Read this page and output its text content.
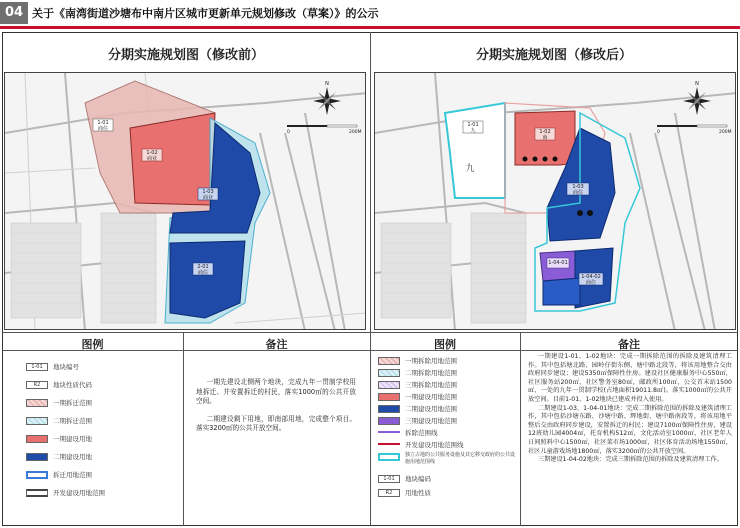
04 关于《南湾街道沙塘布中南片区城市更新单元规划修改（草案）》的公示
分期实施规划图（修改前）	分期实施规划图（修改后）
1-01
商住
1-02
商业
1-03
商业
2-01
商住
N
0	200M
1-01
九
九
1-02
商
1-03
商住
1-04-02
商住
1-04-01
N
0	200M
图例	备注
1-01	地块编号
R2	地块性质代码
一期拆迁范围
二期拆迁范围
一期建设用地
二期建设用地
拆迁用地范围
开发建设用地范围

一期先建设北侧两个地块，完成九年一贯制学校用地拆迁、并安置拆迁的村民，落实1000㎡的公共开放空间。

二期建设剩下用地，即南部用地，完成整个项目。落实3200㎡的公共开放空间。

图例	备注
一期拆除用地范围
二期拆除用地范围
三期拆除用地范围
一期建设用地范围
二期建设用地范围
三期建设用地范围
拆除范围线
开发建设用地范围线
独立占地的公共服务设施及其它移交政府的公共设施用地范围线
1-01	地块编码
R2	用地性质

一期建设1-01、1-02地块：完成一期拆除范围的拆除及建筑清理工作。其中包括塘北路、园岭仔街东侧、塘中路北段等，将该用地整合交由政府同步建设；建设5350㎡保障性住房。建设社区健康服务中心550㎡，社区服务站200㎡，社区警务室80㎡，邮政所100㎡，公交首末站1500㎡，一处的九年一贯制学校(占地面积19011.8㎡)。落实1000㎡的公共开放空间。目前1-01、1-02地块已建成并投入使用。

二期建设1-03、1-04-01地块：完成二期拆除范围的拆除及建筑清理工作，其中包括沙塘东路、沙塘中路、辉地街、塘中路南段等，将该用地平整后交由政府同步建设，安置拆迁的村民；建设7100㎡保障性住房，建设12班幼儿园4004㎡，托育机构512㎡，文化活动室1000㎡，社区老年人日间照料中心1500㎡，社区菜市场1000㎡，社区体育活动场地1550㎡，社区儿童游戏场地1800㎡，落实3200㎡的公共开放空间。

三期建设1-04-02地块：完成三期拆除范围的拆除及建筑清理工作。
